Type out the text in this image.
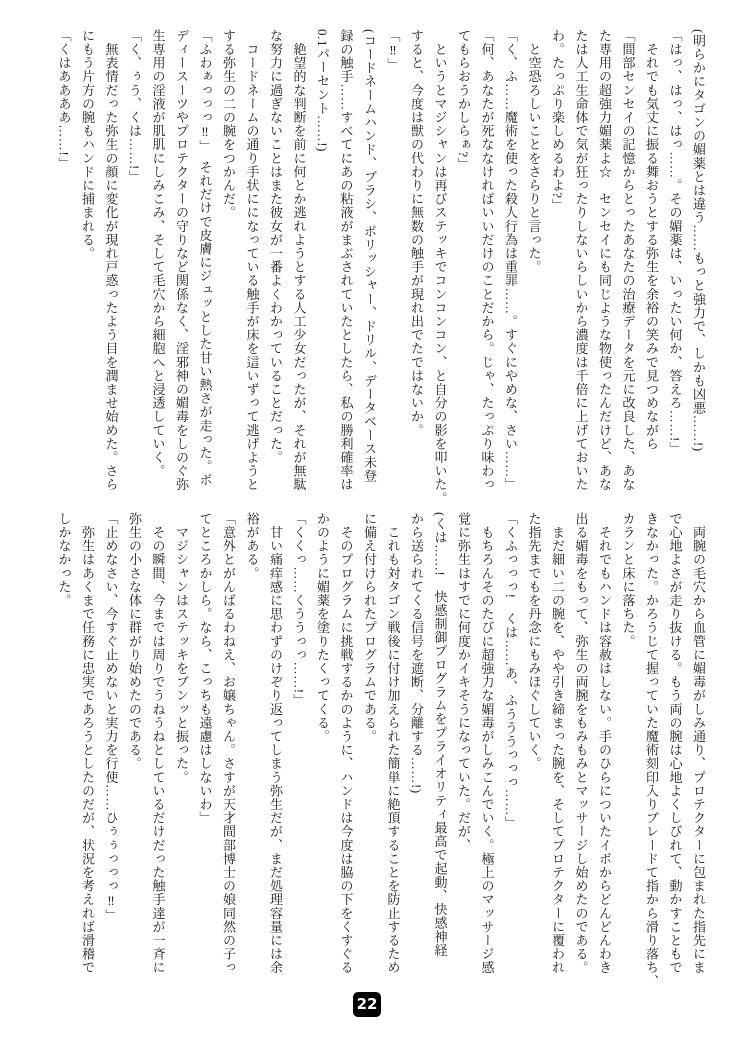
(明らかにタゴンの媚薬とは違う……もっと強力で、しかも凶悪……!)
「はっ、はっ、はっ……。その媚薬は、いったい何か、答えろ……!」
　それでも気丈に振る舞おうとする弥生を余裕の笑みで見つめながら
「間部センセイの記憶からとったあなたの治療データを元に改良した、あな
た専用の超強力媚薬よ☆　センセイにも同じような物使ったんだけど、あな
たは人工生命体で気が狂ったりしないらしいから濃度は千倍に上げておいた
わ。たっぷり楽しめるわよ?」
　と空恐ろしいことをさらりと言った。
「く、ふ……魔術を使った殺人行為は重罪……。すぐにやめな、さい……」
「何、あなたが死ななければいいだけのことだから。じゃ、たっぷり味わっ
てもらおうかしらぁ?」
　というとマジシャンは再びステッキでコンコンコン、と自分の影を叩いた。
すると、今度は獣の代わりに無数の触手が現れ出でたではないか。
「‼」
(コードネームハンド、ブラシ、ポリッシャー、ドリル、データベース未登
録の触手……すべてにあの粘液がまぶされていたとしたら、私の勝利確率は
0.1パーセント……!)
　絶望的な判断を前に何とか逃れようとする人工少女だったが、それが無駄
な努力に過ぎないことはまた彼女が一番よくわかっていることだった。
　コードネームの通り手状にになっている触手が床を這いずって逃げようと
する弥生の二の腕をつかんだ。
「ふわぁっっっ‼」　それだけで皮膚にジュッとした甘い熱さが走った。ボ
ディースーツやプロテクターの守りなど関係なく、淫邪神の媚毒をしのぐ弥
生専用の淫液が肌肌にしみこみ、そして毛穴から細胞へと浸透していく。
「く、ぅう、くは……!」
　無表情だった弥生の顔に変化が現れ戸惑ったよう目を潤ませ始めた。さら
にもう片方の腕もハンドに捕まれる。
「くはああああ……!」
　両腕の毛穴から血管に媚毒がしみ通り、プロテクターに包まれた指先にま
で心地よさが走り抜ける。もう両の腕は心地よくしびれて、動かすこともで
きなかった。かろうじて握っていた魔術刻印入りブレードて指から滑り落ち、
カランと床に落ちた。
　それでもハンドは容赦はしない。手のひらについたイボからどんどんわき
出る媚毒をもって、弥生の両腕をもみもみとマッサージし始めたのである。
　まだ細い二の腕を、やや引き締まった腕を、そしてプロテクターに覆われ
た指先までもを丹念にもみほぐしていく。
「くふっっっ!　くは……あ、ふうううっっっ……」
　もちろんそのたびに超強力な媚毒がしみこんでいく。極上のマッサージ感
覚に弥生はすでに何度かイキそうになっていた。だが、
(くは……!　快感制御プログラムをプライオリティ最高で起動、快感神経
から送られてくる信号を遮断、分離する……!)
　これも対タゴン戦後に付け加えられた簡単に絶頂することを防止するため
に備え付けられたプログラムである。
　そのプログラムに挑戦するかのように、ハンドは今度は脇の下をくすぐる
かのように媚薬を塗りたくってくる。
「くくっ……くううっっ……!」
　甘い痛痒感に思わずのけぞり返ってしまう弥生だが、まだ処理容量には余
裕がある。
「意外とがんばるわねえ、お嬢ちゃん。さすが天才間部博士の娘同然の子っ
てところかしら。なら、こっちも遠慮はしないわ」
　マジシャンはステッキをブンッと振った。
　その瞬間、今までは周りでうねうねとしているだけだった触手達が一斉に
弥生の小さな体に群がり始めたのである。
「止めなさい、今すぐ止めないと実力を行使……ひぅぅっっっ‼」
　弥生はあくまで任務に忠実であろうとしたのだが、状況を考えれば滑稽で
しかなかった。
22
